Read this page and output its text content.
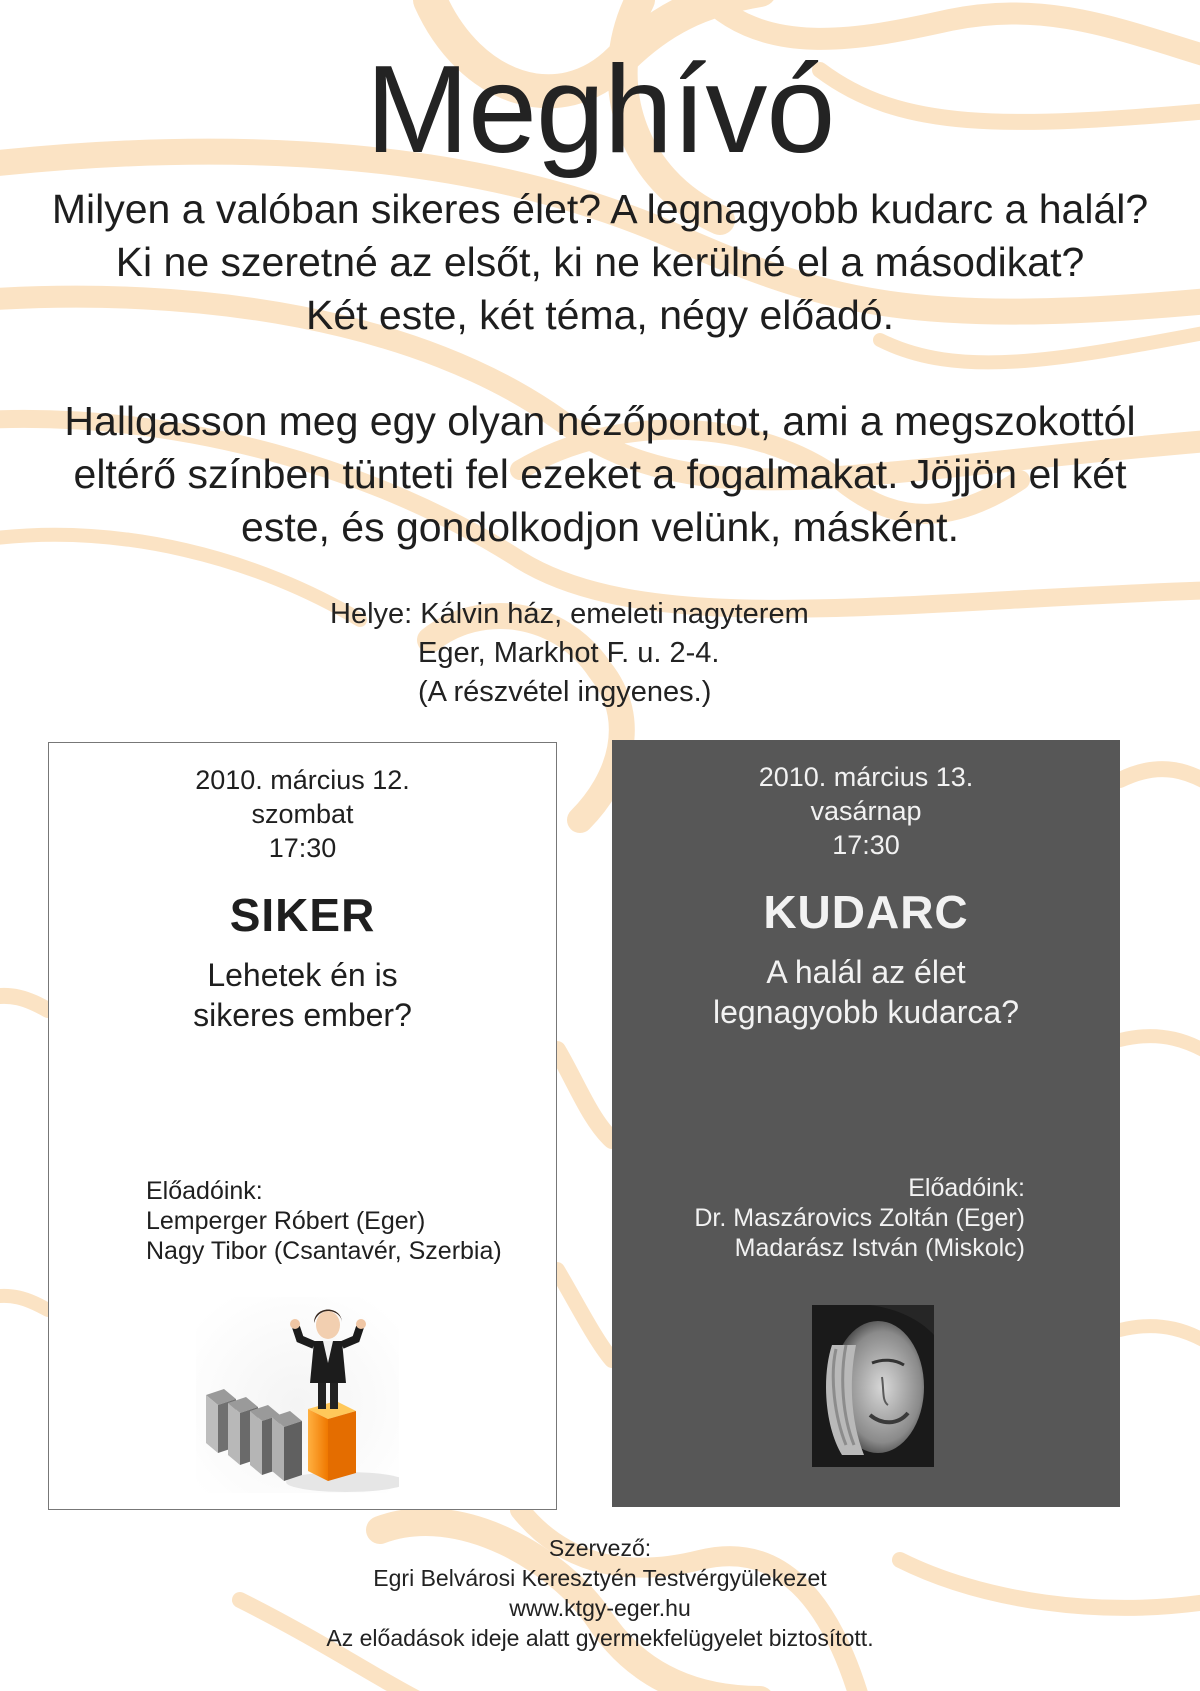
Meghívó

Milyen a valóban sikeres élet? A legnagyobb kudarc a halál?
Ki ne szeretné az elsőt, ki ne kerülné el a másodikat?
Két este, két téma, négy előadó.

Hallgasson meg egy olyan nézőpontot, ami a megszokottól
eltérő színben tünteti fel ezeket a fogalmakat. Jöjjön el két
este, és gondolkodjon velünk, másként.

Helye: Kálvin ház, emeleti nagyterem
Eger, Markhot F. u. 2-4.
(A részvétel ingyenes.)
2010. március 12.
szombat
17:30
SIKER
Lehetek én is
sikeres ember?
Előadóink:
Lemperger Róbert (Eger)
Nagy Tibor (Csantavér, Szerbia)
2010. március 13.
vasárnap
17:30
KUDARC
A halál az élet
legnagyobb kudarca?
Előadóink:
Dr. Maszárovics Zoltán (Eger)
Madarász István (Miskolc)
Szervező:
Egri Belvárosi Keresztyén Testvérgyülekezet
www.ktgy-eger.hu
Az előadások ideje alatt gyermekfelügyelet biztosított.
